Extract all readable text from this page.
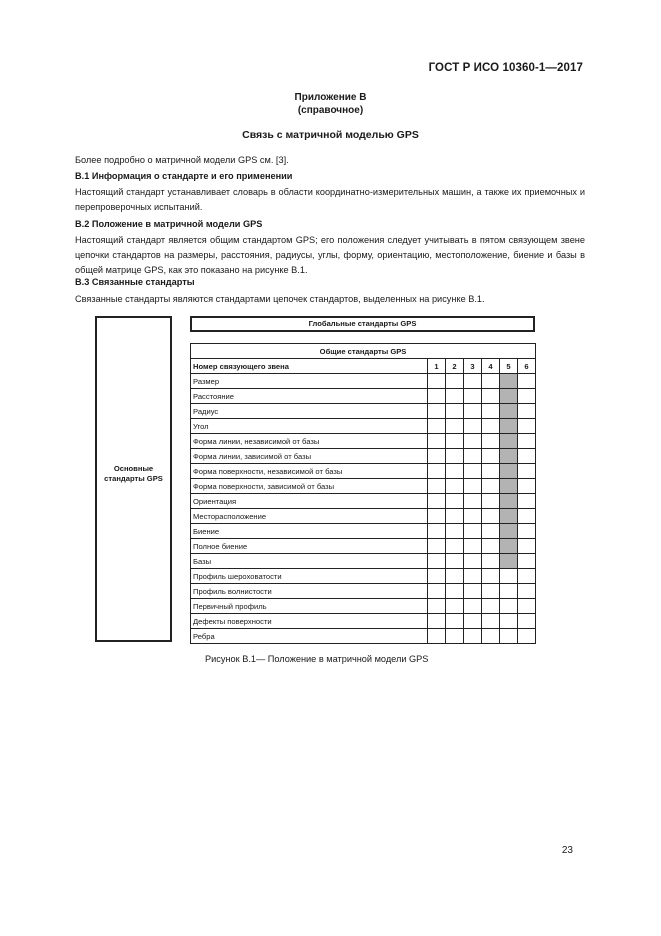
ГОСТ Р ИСО 10360-1—2017
Приложение В
(справочное)
Связь с матричной моделью GPS
Более подробно о матричной модели GPS см. [3].
В.1 Информация о стандарте и его применении
Настоящий стандарт устанавливает словарь в области координатно-измерительных машин, а также их приемочных и перепроверочных испытаний.
В.2 Положение в матричной модели GPS
Настоящий стандарт является общим стандартом GPS; его положения следует учитывать в пятом связующем звене цепочки стандартов на размеры, расстояния, радиусы, углы, форму, ориентацию, местоположение, биение и базы в общей матрице GPS, как это показано на рисунке В.1.
В.3 Связанные стандарты
Связанные стандарты являются стандартами цепочек стандартов, выделенных на рисунке В.1.
Основные стандарты GPS
Глобальные стандарты GPS
Общие стандарты GPS						
Номер связующего звена	1	2	3	4	5	6
Размер						
Расстояние						
Радиус						
Угол						
Форма линии, независимой от базы						
Форма линии, зависимой от базы						
Форма поверхности, независимой от базы						
Форма поверхности, зависимой от базы						
Ориентация						
Месторасположение						
Биение						
Полное биение						
Базы						
Профиль шероховатости						
Профиль волнистости						
Первичный профиль						
Дефекты поверхности						
Ребра						
Рисунок В.1— Положение в матричной модели GPS
23
